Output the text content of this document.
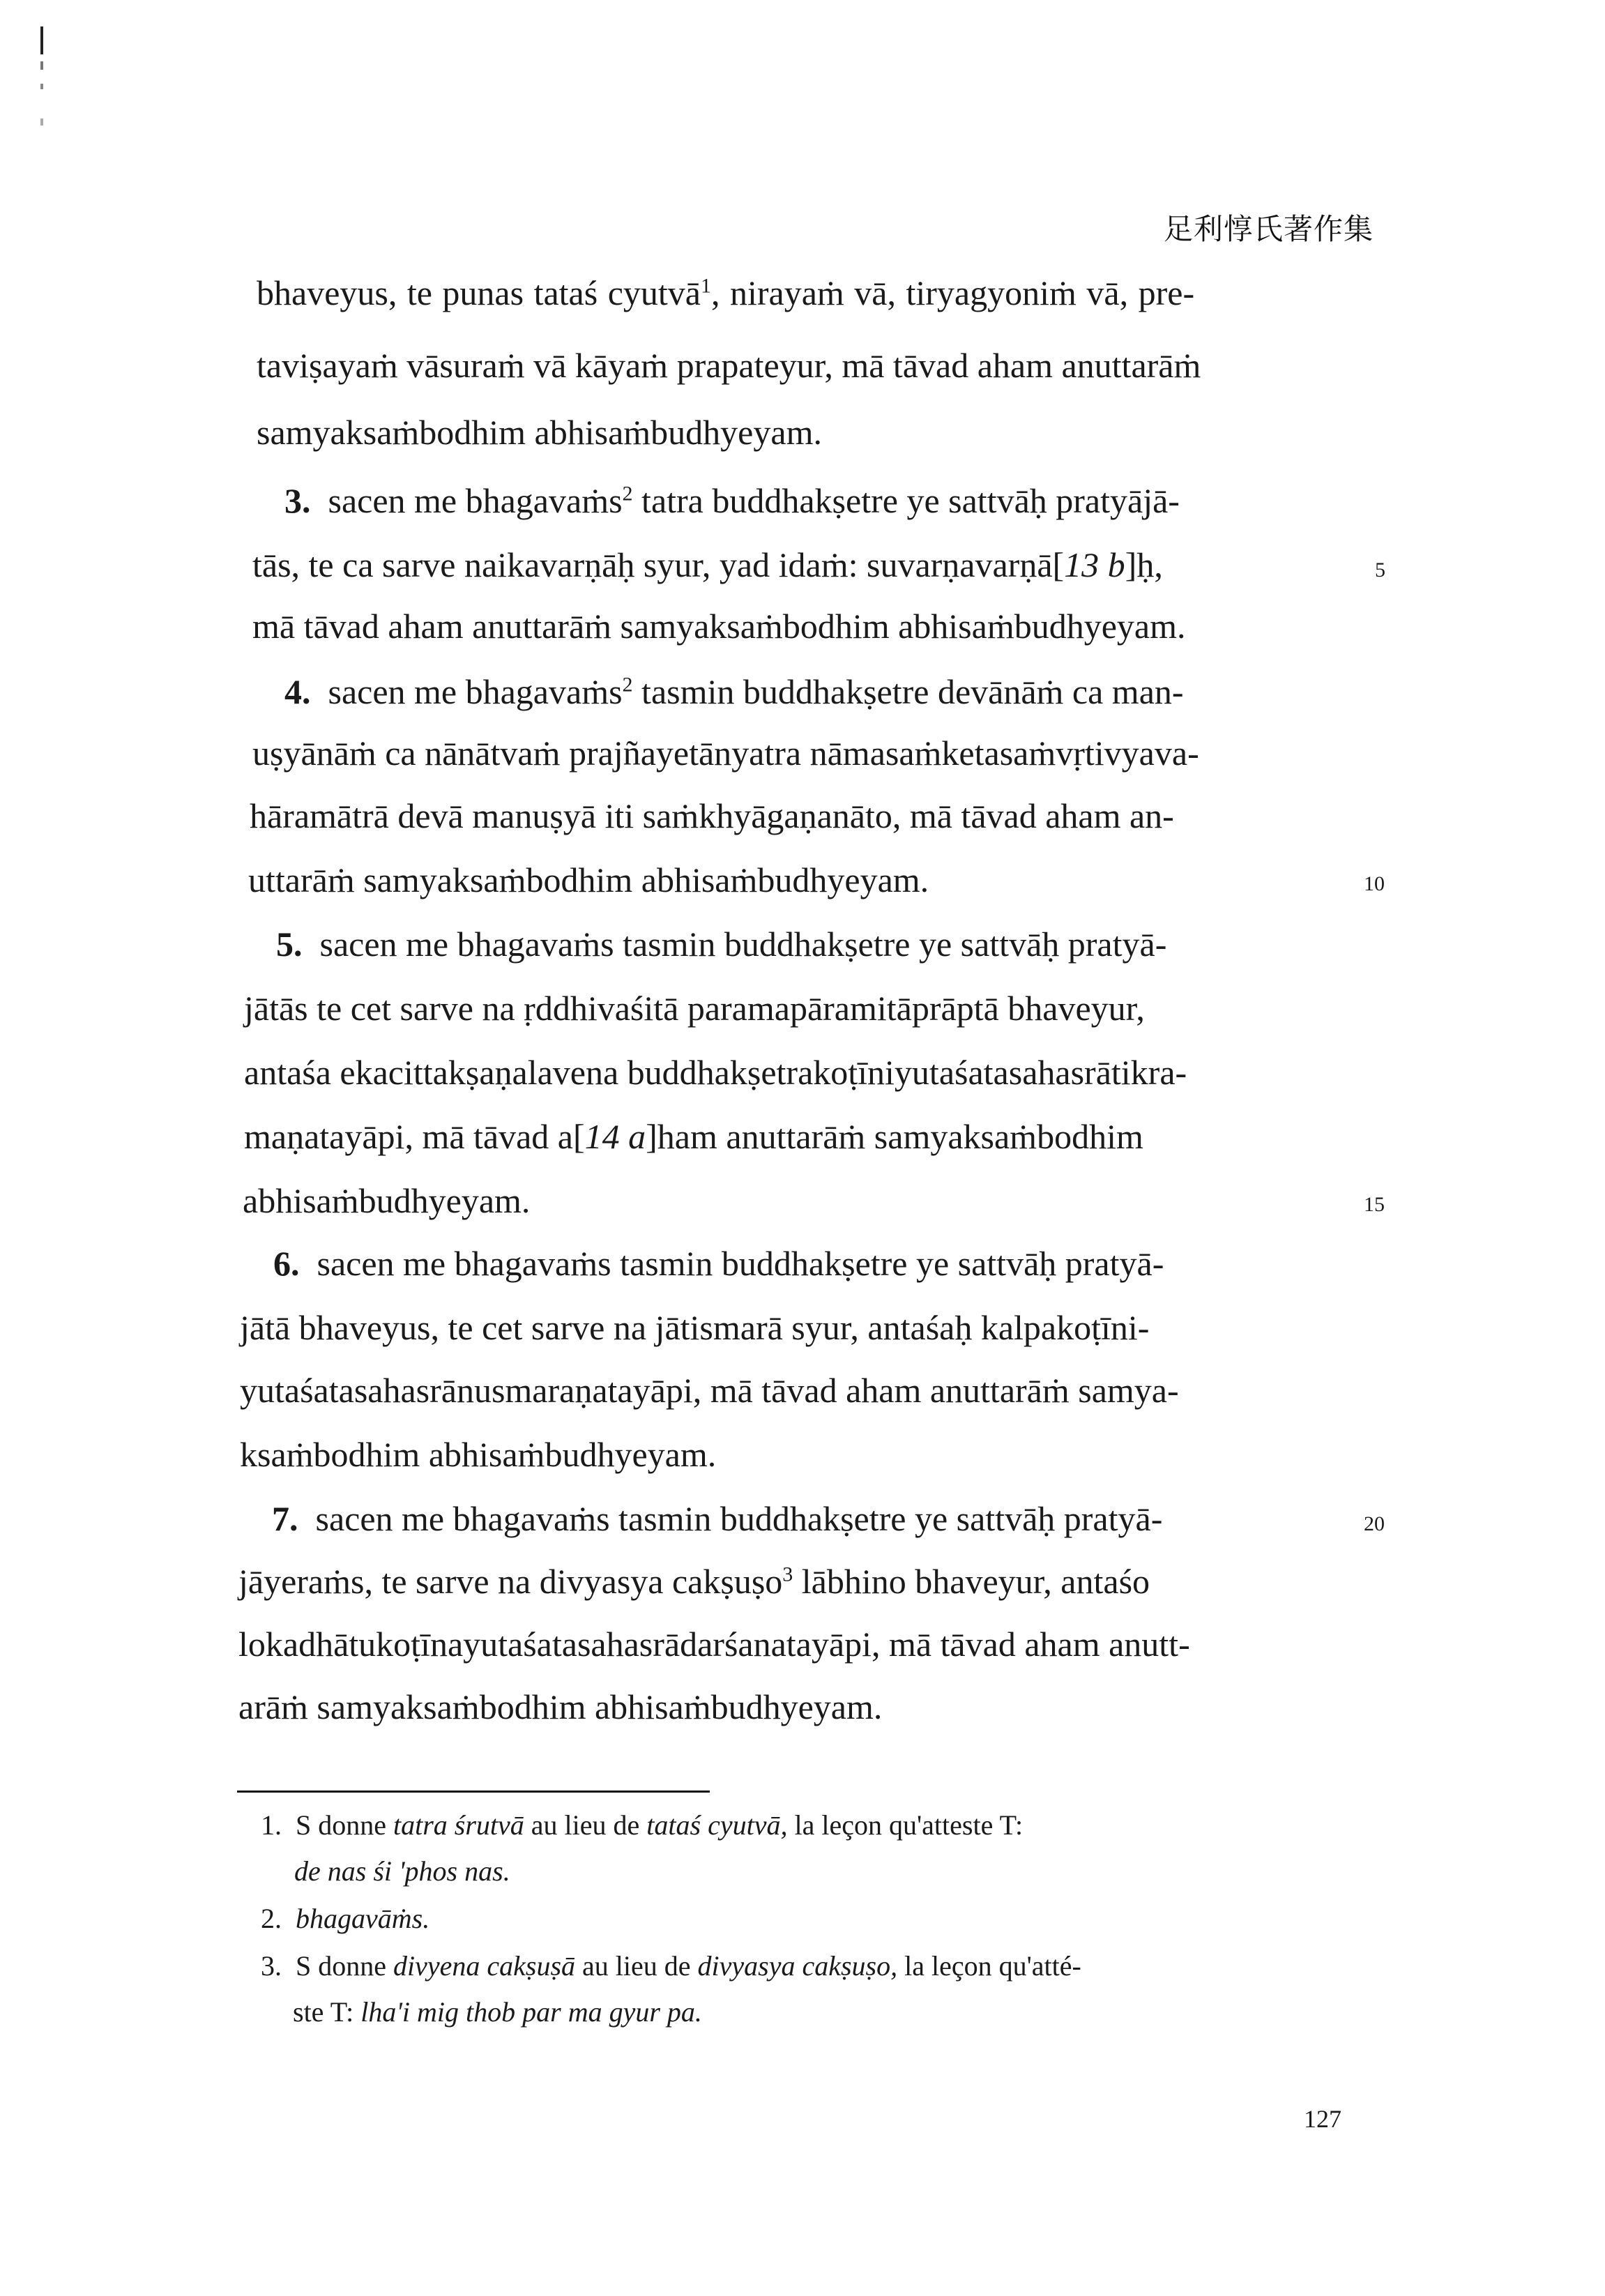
足利惇氏著作集
bhaveyus, te punas tataś cyutvā$^1$, nirayaṁ vā, tiryagyoniṁ vā, pre-
taviṣayaṁ vāsuraṁ vā kāyaṁ prapateyur, mā tāvad aham anuttarāṁ
samyaksaṁbodhim abhisaṁbudhyeyam.
3. sacen me bhagavaṁs$^2$ tatra buddhakṣetre ye sattvāḥ pratyājā-
tās, te ca sarve naikavarṇāḥ syur, yad idaṁ: suvarṇavarṇā[13 b]ḥ,
mā tāvad aham anuttarāṁ samyaksaṁbodhim abhisaṁbudhyeyam.
4. sacen me bhagavaṁs$^2$ tasmin buddhakṣetre devānāṁ ca man-
uṣyānāṁ ca nānātvaṁ prajñayetānyatra nāmasaṁketasaṁvṛtivyava-
hāramātrā devā manuṣyā iti saṁkhyāgaṇanāto, mā tāvad aham an-
uttarāṁ samyaksaṁbodhim abhisaṁbudhyeyam.
5. sacen me bhagavaṁs tasmin buddhakṣetre ye sattvāḥ pratyā-
jātās te cet sarve na ṛddhivaśitā paramapāramitāprāptā bhaveyur,
antaśa ekacittakṣaṇalavena buddhakṣetrakoṭīniyutaśatasahasrātikra-
maṇatayāpi, mā tāvad a[14 a]ham anuttarāṁ samyaksaṁbodhim
abhisaṁbudhyeyam.
6. sacen me bhagavaṁs tasmin buddhakṣetre ye sattvāḥ pratyā-
jātā bhaveyus, te cet sarve na jātismarā syur, antaśaḥ kalpakoṭīni-
yutaśatasahasrānusmaraṇatayāpi, mā tāvad aham anuttarāṁ samya-
ksaṁbodhim abhisaṁbudhyeyam.
7. sacen me bhagavaṁs tasmin buddhakṣetre ye sattvāḥ pratyā-
jāyeraṁs, te sarve na divyasya cakṣuṣo$^3$ lābhino bhaveyur, antaśo
lokadhātukoṭīnayutaśatasahasrādarśanatayāpi, mā tāvad aham anutt-
arāṁ samyaksaṁbodhim abhisaṁbudhyeyam.
5
10
15
20
1. S donne tatra śrutvā au lieu de tataś cyutvā, la leçon qu'atteste T:
de nas śi 'phos nas.
2. bhagavāṁs.
3. S donne divyena cakṣuṣā au lieu de divyasya cakṣuṣo, la leçon qu'atté-
ste T: lha'i mig thob par ma gyur pa.
127
